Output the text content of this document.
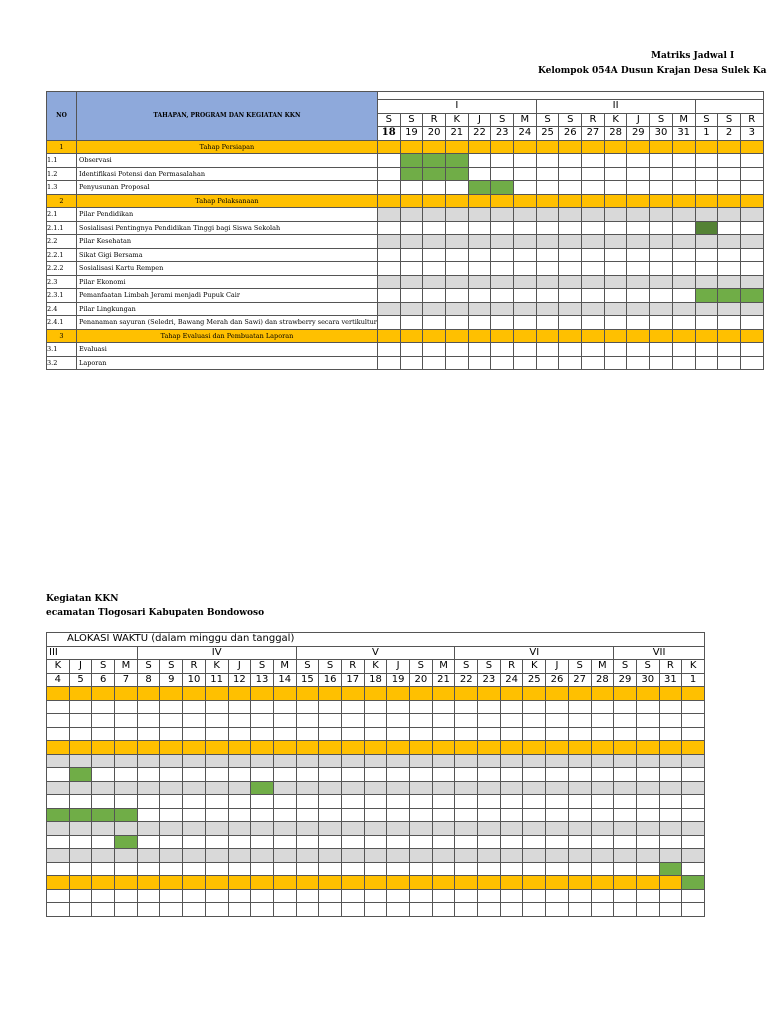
Matriks Jadwal I
Kelompok 054A Dusun Krajan Desa Sulek Ka
NO	TAHAPAN, PROGRAM DAN KEGIATAN KKN																	
		I							II									
		S	S	R	K	J	S	M	S	S	R	K	J	S	M	S	S	R
		18	19	20	21	22	23	24	25	26	27	28	29	30	31	1	2	3
1	Tahap Persiapan																	
1.1	Observasi																	
1.2	Identifikasi Potensi dan Permasalahan																	
1.3	Penyusunan Proposal																	
2	Tahap Pelaksanaan																	
2.1	Pilar Pendidikan																	
2.1.1	Sosialisasi Pentingnya Pendidikan Tinggi bagi Siswa Sekolah																	
2.2	Pilar Kesehatan																	
2.2.1	Sikat Gigi Bersama																	
2.2.2	Sosialisasi Kartu Rempen																	
2.3	Pilar Ekonomi																	
2.3.1	Pemanfaatan Limbah Jerami menjadi Pupuk Cair																	
2.4	Pilar Lingkungan																	
2.4.1	Penanaman sayuran (Seledri, Bawang Merah dan Sawi) dan strawberry secara vertikultur																	
3	Tahap Evaluasi dan Pembuatan Laporan																	
3.1	Evaluasi																	
3.2	Laporan																	
Kegiatan KKN
ecamatan Tlogosari Kabupaten Bondowoso
ALOKASI WAKTU (dalam minggu dan tanggal)																												
III				IV							V							VI							VII			
K	J	S	M	S	S	R	K	J	S	M	S	S	R	K	J	S	M	S	S	R	K	J	S	M	S	S	R	K
4	5	6	7	8	9	10	11	12	13	14	15	16	17	18	19	20	21	22	23	24	25	26	27	28	29	30	31	1
